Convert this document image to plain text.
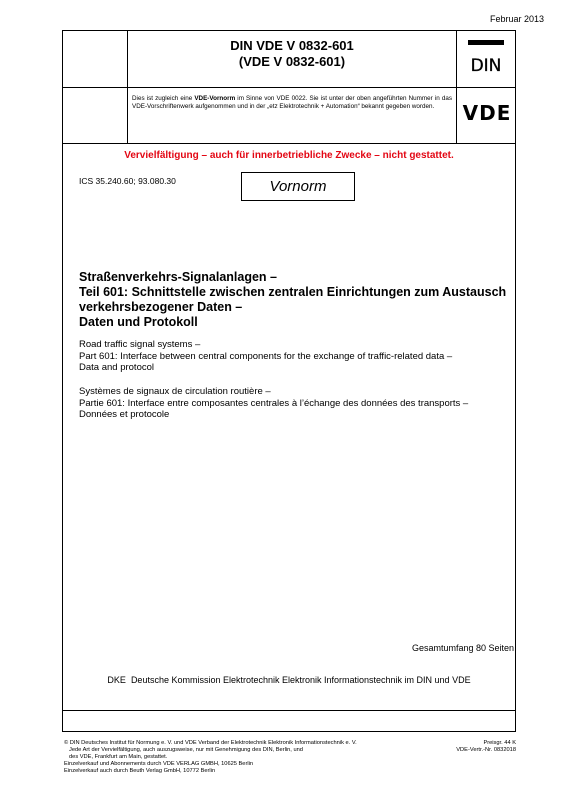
Februar 2013
DIN VDE V 0832-601
(VDE V 0832-601)	DIN
Dies ist zugleich eine VDE-Vornorm im Sinne von VDE 0022. Sie ist unter der oben angeführten Nummer in das VDE-Vorschriftenwerk aufgenommen und in der „etz Elektrotechnik + Automation“ bekannt gegeben worden.	VDE
Vervielfältigung – auch für innerbetriebliche Zwecke – nicht gestattet.
ICS 35.240.60; 93.080.30	Vornorm
Straßenverkehrs-Signalanlagen –
Teil 601: Schnittstelle zwischen zentralen Einrichtungen zum Austausch
verkehrsbezogener Daten –
Daten und Protokoll
Road traffic signal systems –
Part 601: Interface between central components for the exchange of traffic-related data –
Data and protocol
Systèmes de signaux de circulation routière –
Partie 601: Interface entre composantes centrales à l’échange des données des transports –
Données et protocole
Gesamtumfang 80 Seiten
DKE Deutsche Kommission Elektrotechnik Elektronik Informationstechnik im DIN und VDE
© DIN Deutsches Institut für Normung e. V. und VDE Verband der Elektrotechnik Elektronik Informationstechnik e. V.
Jede Art der Vervielfältigung, auch auszugsweise, nur mit Genehmigung des DIN, Berlin, und
des VDE, Frankfurt am Main, gestattet.
Einzelverkauf und Abonnements durch VDE VERLAG GMBH, 10625 Berlin
Einzelverkauf auch durch Beuth Verlag GmbH, 10772 Berlin
Preisgr. 44 K
VDE-Vertr.-Nr. 0832018
